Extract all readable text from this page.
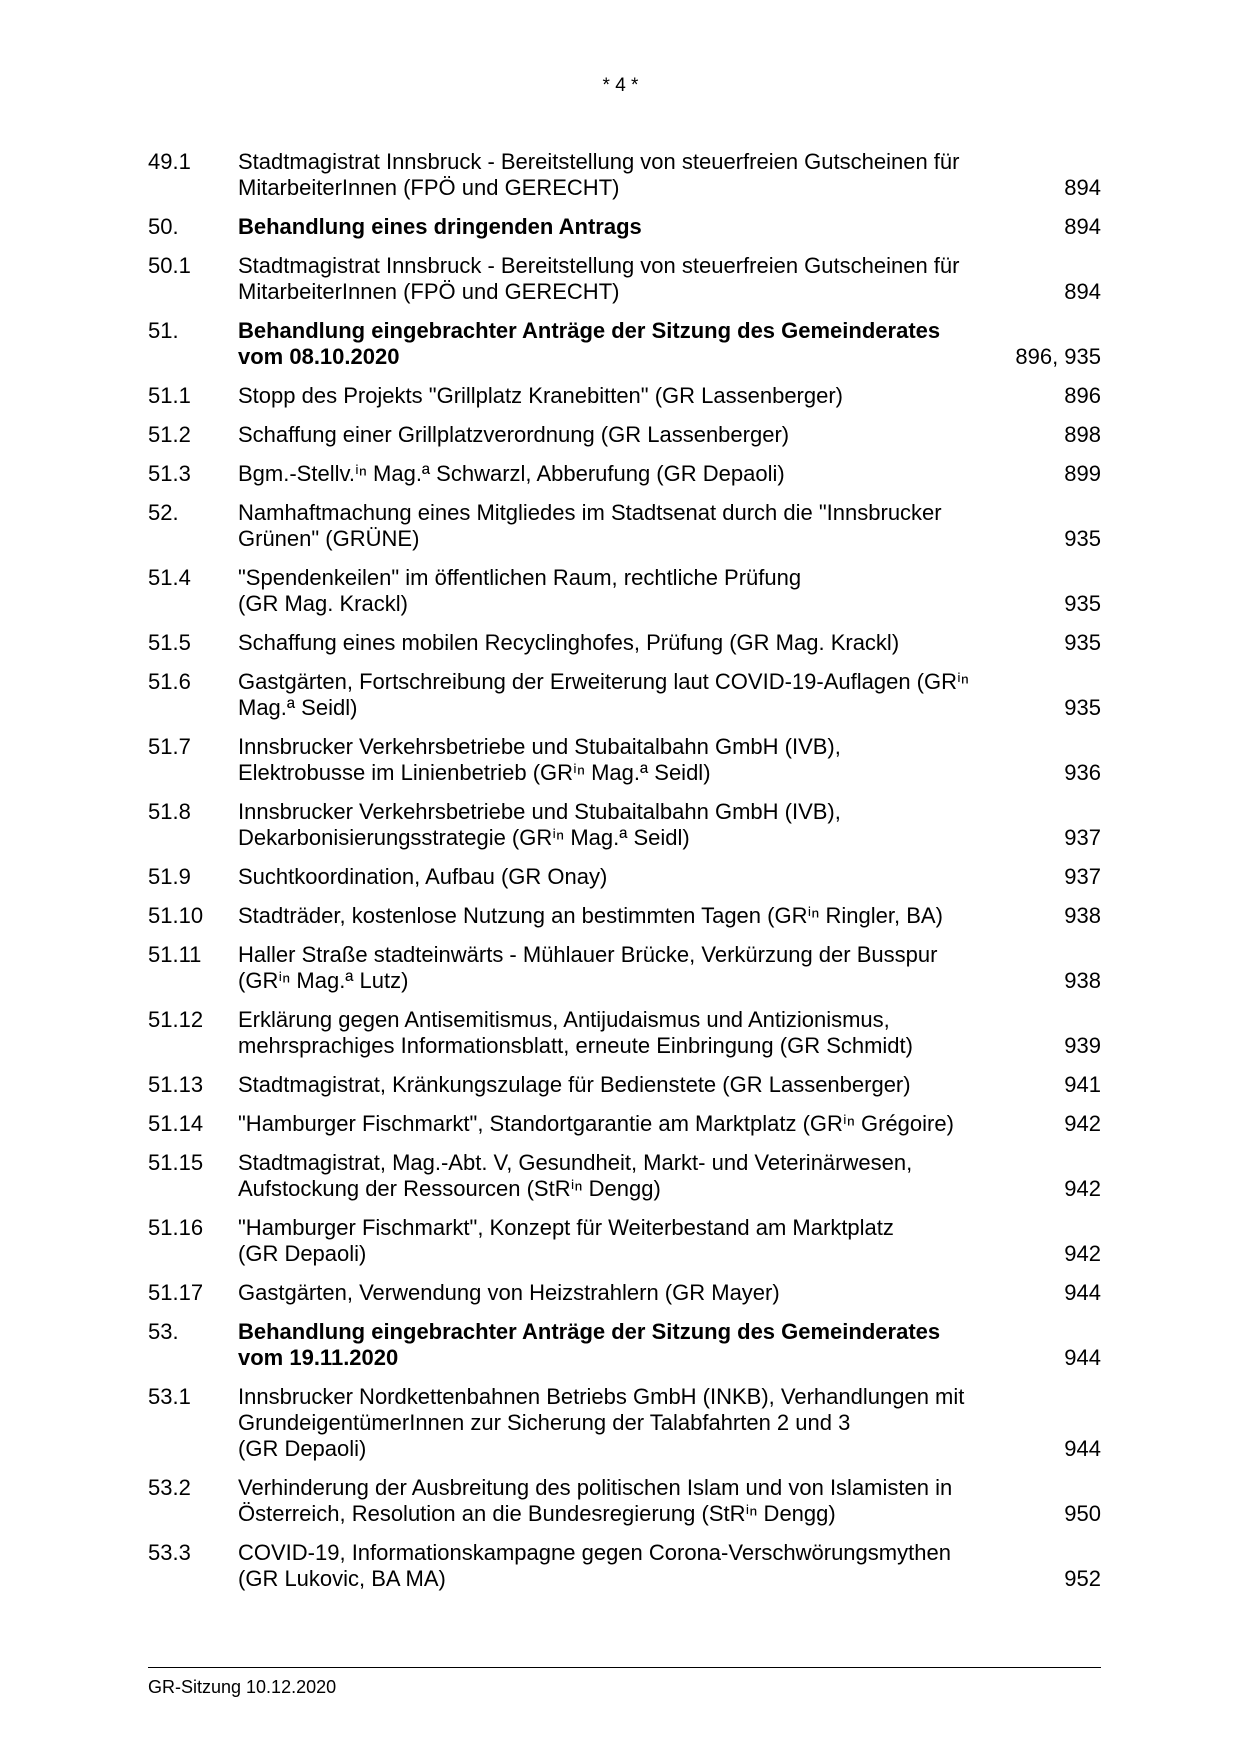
* 4 *
49.1	Stadtmagistrat Innsbruck - Bereitstellung von steuerfreien Gutscheinen für
MitarbeiterInnen (FPÖ und GERECHT)	894
50.	Behandlung eines dringenden Antrags	894
50.1	Stadtmagistrat Innsbruck - Bereitstellung von steuerfreien Gutscheinen für
MitarbeiterInnen (FPÖ und GERECHT)	894
51.	Behandlung eingebrachter Anträge der Sitzung des Gemeinderates
vom 08.10.2020	896, 935
51.1	Stopp des Projekts "Grillplatz Kranebitten" (GR Lassenberger)	896
51.2	Schaffung einer Grillplatzverordnung (GR Lassenberger)	898
51.3	Bgm.-Stellv.ⁱⁿ Mag.ª Schwarzl, Abberufung (GR Depaoli)	899
52.	Namhaftmachung eines Mitgliedes im Stadtsenat durch die "Innsbrucker
Grünen" (GRÜNE)	935
51.4	"Spendenkeilen" im öffentlichen Raum, rechtliche Prüfung
(GR Mag. Krackl)	935
51.5	Schaffung eines mobilen Recyclinghofes, Prüfung (GR Mag. Krackl)	935
51.6	Gastgärten, Fortschreibung der Erweiterung laut COVID-19-Auflagen (GRⁱⁿ
Mag.ª Seidl)	935
51.7	Innsbrucker Verkehrsbetriebe und Stubaitalbahn GmbH (IVB),
Elektrobusse im Linienbetrieb (GRⁱⁿ Mag.ª Seidl)	936
51.8	Innsbrucker Verkehrsbetriebe und Stubaitalbahn GmbH (IVB),
Dekarbonisierungsstrategie (GRⁱⁿ Mag.ª Seidl)	937
51.9	Suchtkoordination, Aufbau (GR Onay)	937
51.10	Stadträder, kostenlose Nutzung an bestimmten Tagen (GRⁱⁿ Ringler, BA)	938
51.11	Haller Straße stadteinwärts - Mühlauer Brücke, Verkürzung der Busspur
(GRⁱⁿ Mag.ª Lutz)	938
51.12	Erklärung gegen Antisemitismus, Antijudaismus und Antizionismus,
mehrsprachiges Informationsblatt, erneute Einbringung (GR Schmidt)	939
51.13	Stadtmagistrat, Kränkungszulage für Bedienstete (GR Lassenberger)	941
51.14	"Hamburger Fischmarkt", Standortgarantie am Marktplatz (GRⁱⁿ Grégoire)	942
51.15	Stadtmagistrat, Mag.-Abt. V, Gesundheit, Markt- und Veterinärwesen,
Aufstockung der Ressourcen (StRⁱⁿ Dengg)	942
51.16	"Hamburger Fischmarkt", Konzept für Weiterbestand am Marktplatz
(GR Depaoli)	942
51.17	Gastgärten, Verwendung von Heizstrahlern (GR Mayer)	944
53.	Behandlung eingebrachter Anträge der Sitzung des Gemeinderates
vom 19.11.2020	944
53.1	Innsbrucker Nordkettenbahnen Betriebs GmbH (INKB), Verhandlungen mit
GrundeigentümerInnen zur Sicherung der Talabfahrten 2 und 3
(GR Depaoli)	944
53.2	Verhinderung der Ausbreitung des politischen Islam und von Islamisten in
Österreich, Resolution an die Bundesregierung (StRⁱⁿ Dengg)	950
53.3	COVID-19, Informationskampagne gegen Corona-Verschwörungsmythen
(GR Lukovic, BA MA)	952
GR-Sitzung 10.12.2020
